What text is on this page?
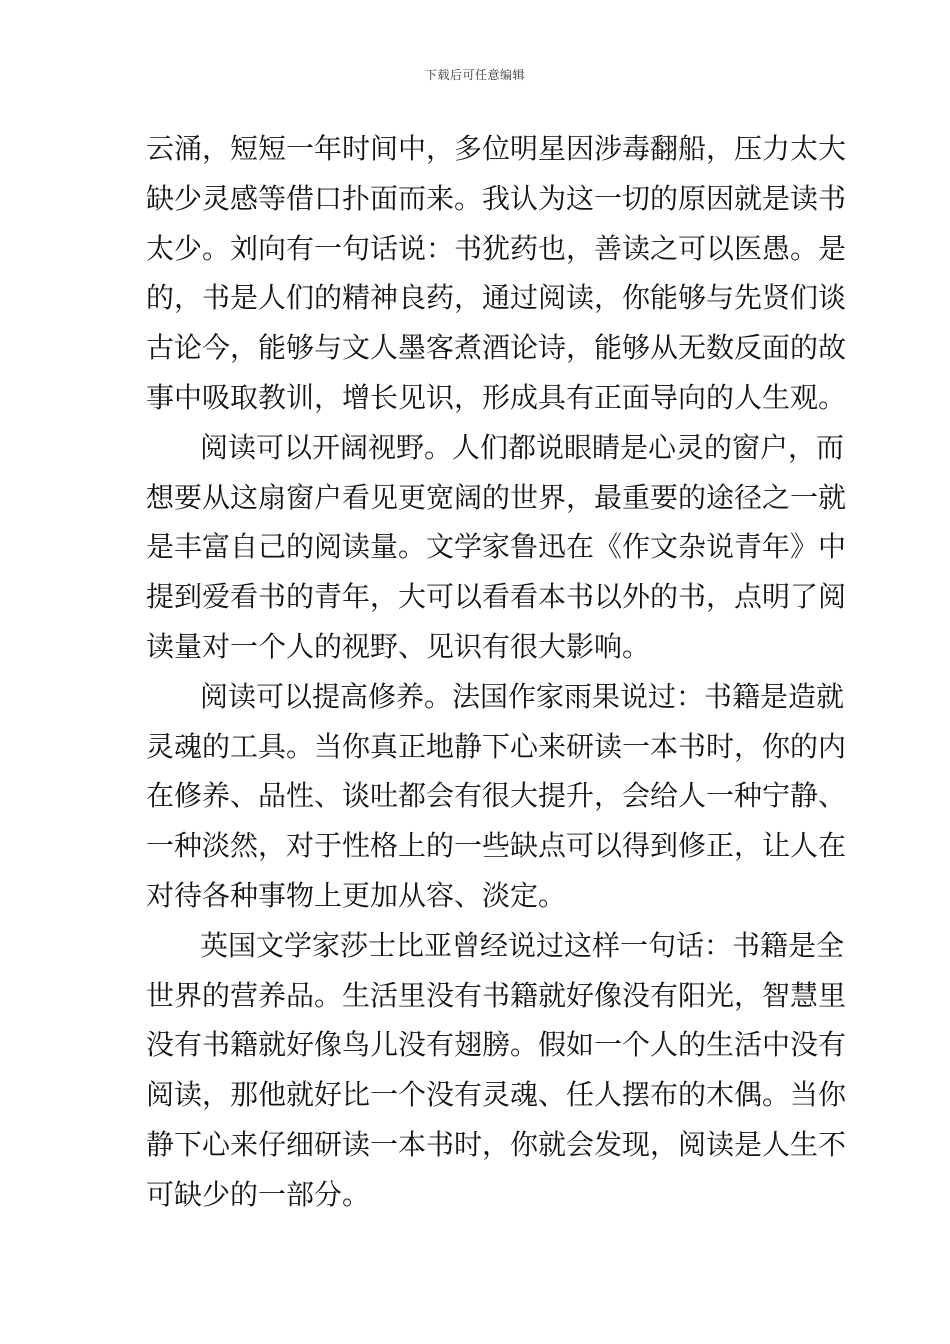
下载后可任意编辑
云涌，短短一年时间中，多位明星因涉毒翻船，压力太大
缺少灵感等借口扑面而来。我认为这一切的原因就是读书
太少。刘向有一句话说：书犹药也，善读之可以医愚。是
的，书是人们的精神良药，通过阅读，你能够与先贤们谈
古论今，能够与文人墨客煮酒论诗，能够从无数反面的故
事中吸取教训，增长见识，形成具有正面导向的人生观。
阅读可以开阔视野。人们都说眼睛是心灵的窗户，而
想要从这扇窗户看见更宽阔的世界，最重要的途径之一就
是丰富自己的阅读量。文学家鲁迅在《作文杂说青年》中
提到爱看书的青年，大可以看看本书以外的书，点明了阅
读量对一个人的视野、见识有很大影响。
阅读可以提高修养。法国作家雨果说过：书籍是造就
灵魂的工具。当你真正地静下心来研读一本书时，你的内
在修养、品性、谈吐都会有很大提升，会给人一种宁静、
一种淡然，对于性格上的一些缺点可以得到修正，让人在
对待各种事物上更加从容、淡定。
英国文学家莎士比亚曾经说过这样一句话：书籍是全
世界的营养品。生活里没有书籍就好像没有阳光，智慧里
没有书籍就好像鸟儿没有翅膀。假如一个人的生活中没有
阅读，那他就好比一个没有灵魂、任人摆布的木偶。当你
静下心来仔细研读一本书时，你就会发现，阅读是人生不
可缺少的一部分。
